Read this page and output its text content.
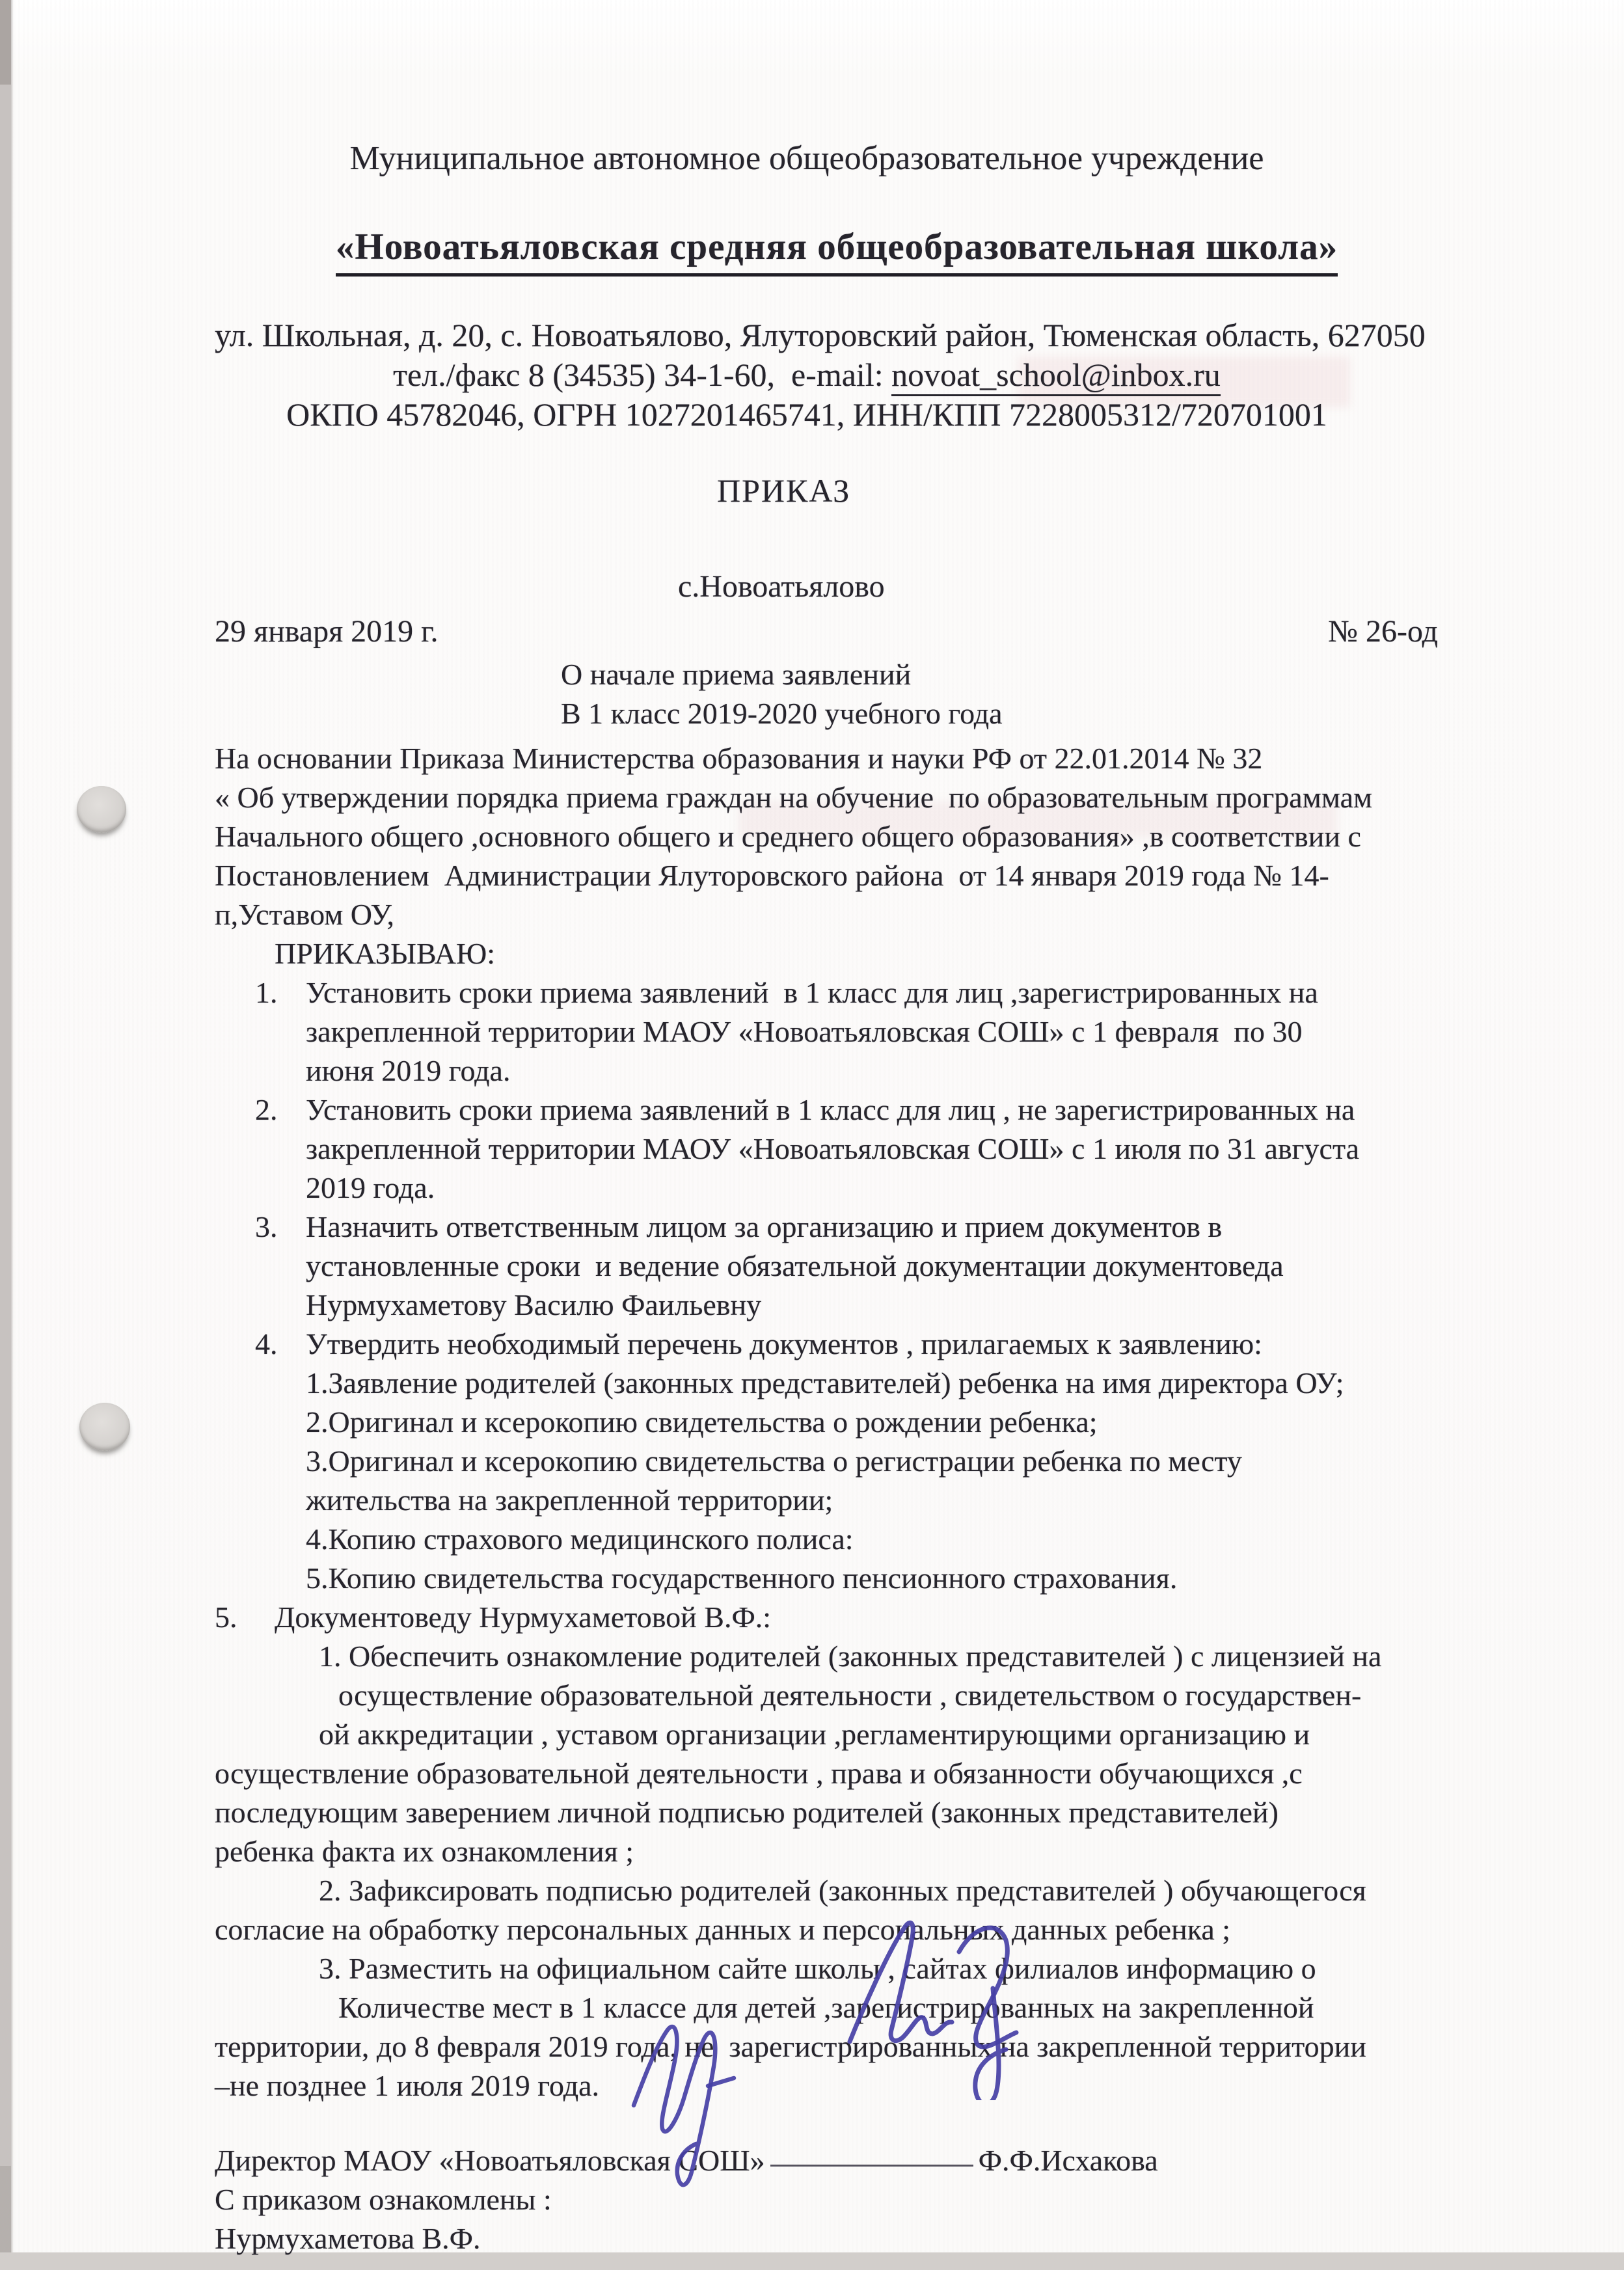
Муниципальное автономное общеобразовательное учреждение

«Новоатьяловская средняя общеобразовательная школа»

ул. Школьная, д. 20, с. Новоатьялово, Ялуторовский район, Тюменская область, 627050
тел./факс 8 (34535) 34-1-60,  e-mail: novoat_school@inbox.ru
ОКПО 45782046, ОГРН 1027201465741, ИНН/КПП 7228005312/720701001
ПРИКАЗ
с.Новоатьялово
29 января 2019 г.	№ 26-од
О начале приема заявлений
В 1 класс 2019-2020 учебного года
На основании Приказа Министерства образования и науки РФ от 22.01.2014 № 32
« Об утверждении порядка приема граждан на обучение  по образовательным программам
Начального общего ,основного общего и среднего общего образования» ,в соответствии с
Постановлением  Администрации Ялуторовского района  от 14 января 2019 года № 14-
п,Уставом ОУ,
ПРИКАЗЫВАЮ:
1. Установить сроки приема заявлений  в 1 класс для лиц ,зарегистрированных на
закрепленной территории МАОУ «Новоатьяловская СОШ» с 1 февраля  по 30
июня 2019 года.
2. Установить сроки приема заявлений в 1 класс для лиц , не зарегистрированных на
закрепленной территории МАОУ «Новоатьяловская СОШ» с 1 июля по 31 августа
2019 года.
3. Назначить ответственным лицом за организацию и прием документов в
установленные сроки  и ведение обязательной документации документоведа
Нурмухаметову Василю Фаильевну
4. Утвердить необходимый перечень документов , прилагаемых к заявлению:
1.Заявление родителей (законных представителей) ребенка на имя директора ОУ;
2.Оригинал и ксерокопию свидетельства о рождении ребенка;
3.Оригинал и ксерокопию свидетельства о регистрации ребенка по месту
жительства на закрепленной территории;
4.Копию страхового медицинского полиса:
5.Копию свидетельства государственного пенсионного страхования.
5.	Документоведу Нурмухаметовой В.Ф.:
1. Обеспечить ознакомление родителей (законных представителей ) с лицензией на
осуществление образовательной деятельности , свидетельством о государствен-
ой аккредитации , уставом организации ,регламентирующими организацию и
осуществление образовательной деятельности , права и обязанности обучающихся ,с
последующим заверением личной подписью родителей (законных представителей)
ребенка факта их ознакомления ;
2. Зафиксировать подписью родителей (законных представителей ) обучающегося
согласие на обработку персональных данных и персональных данных ребенка ;
3. Разместить на официальном сайте школы , сайтах филиалов информацию о
Количестве мест в 1 классе для детей ,зарегистрированных на закрепленной
территории, до 8 февраля 2019 года, не  зарегистрированных на закрепленной территории
–не позднее 1 июля 2019 года.
Директор МАОУ «Новоатьяловская СОШ»	Ф.Ф.Исхакова
С приказом ознакомлены :
Нурмухаметова В.Ф.
